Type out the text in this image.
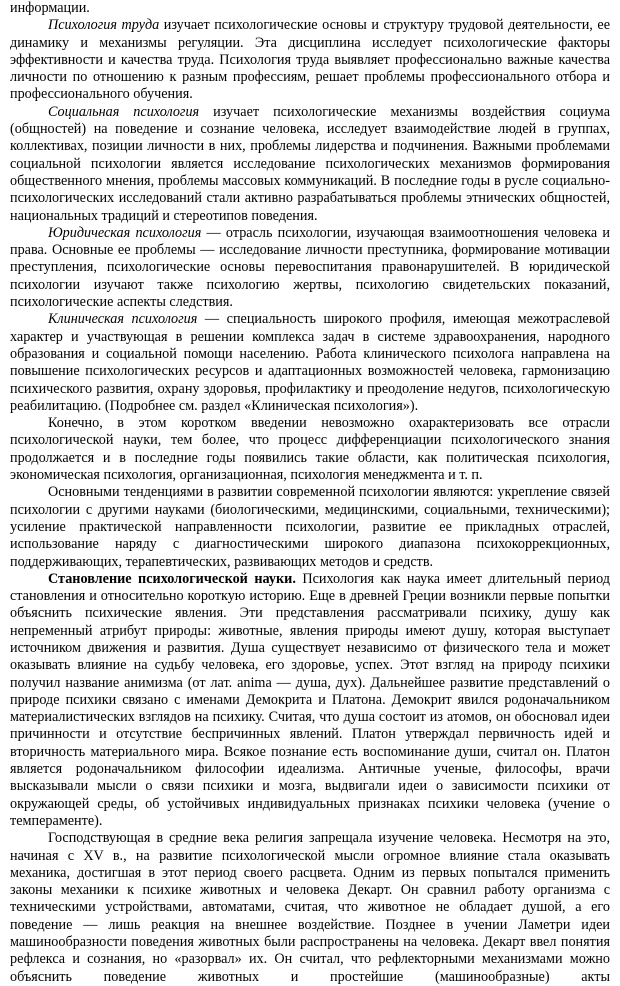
информации.

Психология труда изучает психологические основы и структуру трудовой деятельности, ее динамику и механизмы регуляции. Эта дисциплина исследует психологические факторы эффективности и качества труда. Психология труда выявляет профессионально важные качества личности по отношению к разным профессиям, решает проблемы профессионального отбора и профессионального обучения.

Социальная психология изучает психологические механизмы воздействия социума (общностей) на поведение и сознание человека, исследует взаимодействие людей в группах, коллективах, позиции личности в них, проблемы лидерства и подчинения. Важными проблемами социальной психологии является исследование психологических механизмов формирования общественного мнения, проблемы массовых коммуникаций. В последние годы в русле социально-психологических исследований стали активно разрабатываться проблемы этнических общностей, национальных традиций и стереотипов поведения.

Юридическая психология — отрасль психологии, изучающая взаимоотношения человека и права. Основные ее проблемы — исследование личности преступника, формирование мотивации преступления, психологические основы перевоспитания правонарушителей. В юридической психологии изучают также психологию жертвы, психологию свидетельских показаний, психологические аспекты следствия.

Клиническая психология — специальность широкого профиля, имеющая межотраслевой характер и участвующая в решении комплекса задач в системе здравоохранения, народного образования и социальной помощи населению. Работа клинического психолога направлена на повышение психологических ресурсов и адаптационных возможностей человека, гармонизацию психического развития, охрану здоровья, профилактику и преодоление недугов, психологическую реабилитацию. (Подробнее см. раздел «Клиническая психология»).

Конечно, в этом коротком введении невозможно охарактеризовать все отрасли психологической науки, тем более, что процесс дифференциации психологического знания продолжается и в последние годы появились такие области, как политическая психология, экономическая психология, организационная, психология менеджмента и т. п.

Основными тенденциями в развитии современной психологии являются: укрепление связей психологии с другими науками (биологическими, медицинскими, социальными, техническими); усиление практической направленности психологии, развитие ее прикладных отраслей, использование наряду с диагностическими широкого диапазона психокоррекционных, поддерживающих, терапевтических, развивающих методов и средств.

Становление психологической науки. Психология как наука имеет длительный период становления и относительно короткую историю. Еще в древней Греции возникли первые попытки объяснить психические явления. Эти представления рассматривали психику, душу как непременный атрибут природы: животные, явления природы имеют душу, которая выступает источником движения и развития. Душа существует независимо от физического тела и может оказывать влияние на судьбу человека, его здоровье, успех. Этот взгляд на природу психики получил название анимизма (от лат. anima — душа, дух). Дальнейшее развитие представлений о природе психики связано с именами Демокрита и Платона. Демокрит явился родоначальником материалистических взглядов на психику. Считая, что душа состоит из атомов, он обосновал идеи причинности и отсутствие беспричинных явлений. Платон утверждал первичность идей и вторичность материального мира. Всякое познание есть воспоминание души, считал он. Платон является родоначальником философии идеализма. Античные ученые, философы, врачи высказывали мысли о связи психики и мозга, выдвигали идеи о зависимости психики от окружающей среды, об устойчивых индивидуальных признаках психики человека (учение о темпераменте).

Господствующая в средние века религия запрещала изучение человека. Несмотря на это, начиная с XV в., на развитие психологической мысли огромное влияние стала оказывать механика, достигшая в этот период своего расцвета. Одним из первых попытался применить законы механики к психике животных и человека Декарт. Он сравнил работу организма с техническими устройствами, автоматами, считая, что животное не обладает душой, а его поведение — лишь реакция на внешнее воздействие. Позднее в учении Ламетри идеи машинообразности поведения животных были распространены на человека. Декарт ввел понятия рефлекса и сознания, но «разорвал» их. Он считал, что рефлекторными механизмами можно объяснить поведение животных и простейшие (машинообразные) акты
